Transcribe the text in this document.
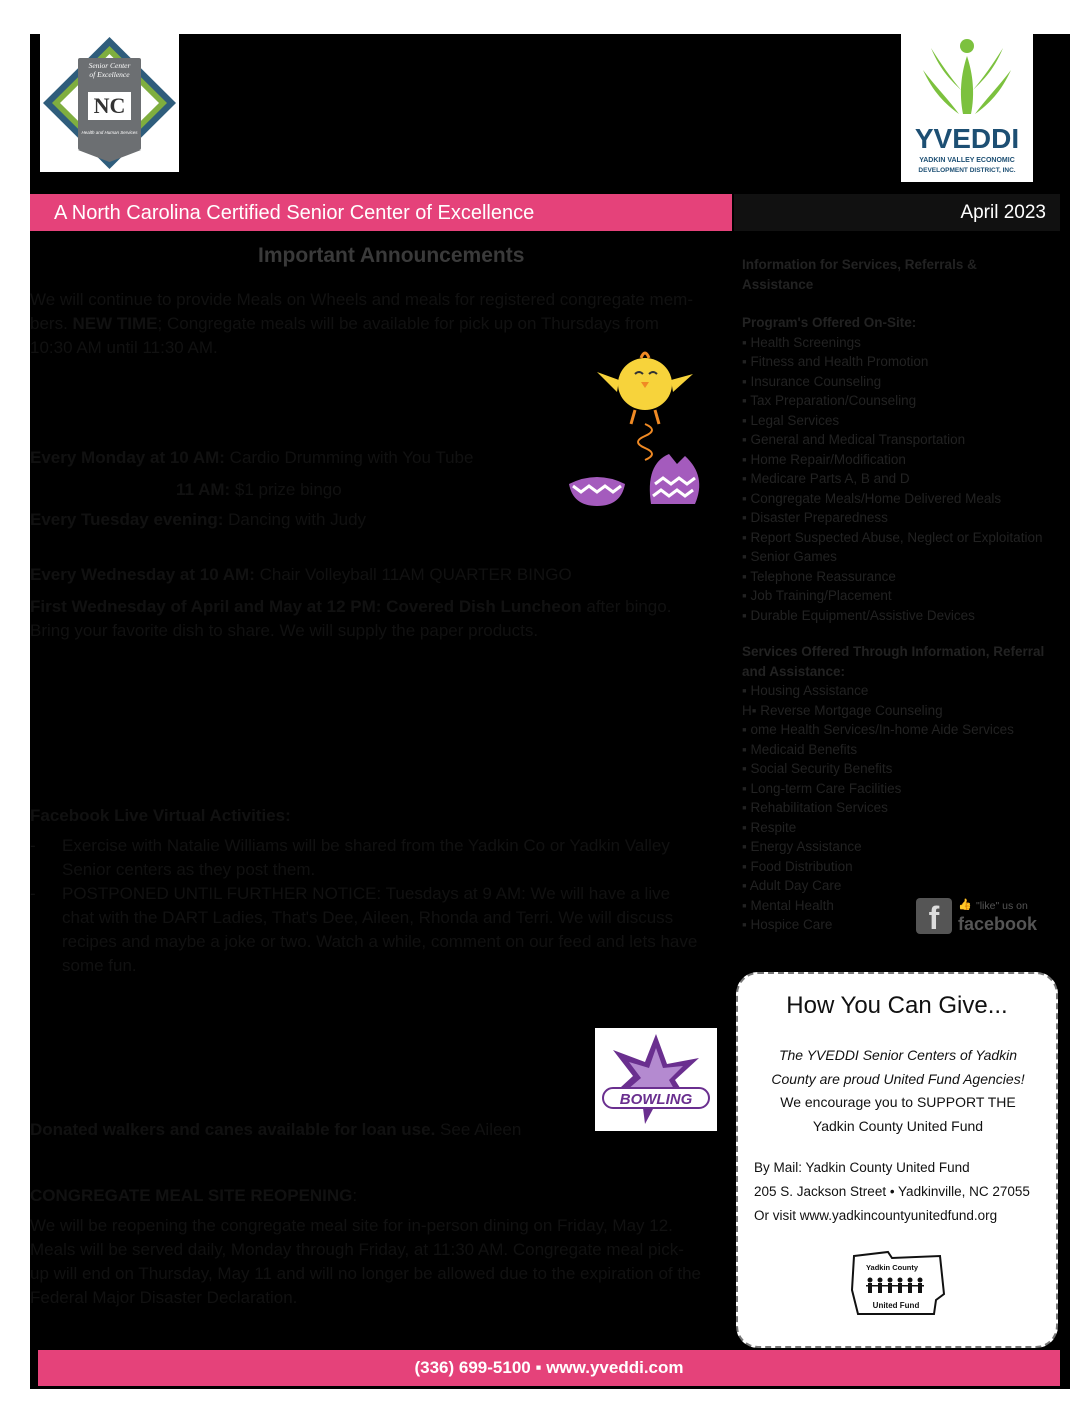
Senior Center
of Excellence
NC
Health and Human Services	YVEDDI
YADKIN VALLEY ECONOMIC
DEVELOPMENT DISTRICT, INC.
A North Carolina Certified Senior Center of Excellence	April 2023
Important Announcements
We will continue to provide Meals on Wheels and meals for registered congregate mem-
bers. NEW TIME; Congregate meals will be available for pick up on Thursdays from
10:30 AM until 11:30 AM.
Every Monday at 10 AM: Cardio Drumming with You Tube
11 AM: $1 prize bingo
Every Tuesday evening: Dancing with Judy
Every Wednesday at 10 AM: Chair Volleyball 11AM QUARTER BINGO
First Wednesday of April and May at 12 PM: Covered Dish Luncheon after bingo.
Bring your favorite dish to share. We will supply the paper products.
Facebook Live Virtual Activities:
- Exercise with Natalie Williams will be shared from the Yadkin Co or Yadkin Valley
Senior centers as they post them.
- POSTPONED UNTIL FURTHER NOTICE: Tuesdays at 9 AM: We will have a live
chat with the DART Ladies, That's Dee, Aileen, Rhonda and Terri. We will discuss
recipes and maybe a joke or two. Watch a while, comment on our feed and lets have
some fun.
BOWLING
Donated walkers and canes available for loan use. See Aileen
CONGREGATE MEAL SITE REOPENING:
We will be reopening the congregate meal site for in-person dining on Friday, May 12.
Meals will be served daily, Monday through Friday, at 11:30 AM. Congregate meal pick-
up will end on Thursday, May 11 and will no longer be allowed due to the expiration of the
Federal Major Disaster Declaration.
Information for Services, Referrals & Assistance
Program's Offered On-Site:
▪ Health Screenings
▪ Fitness and Health Promotion
▪ Insurance Counseling
▪ Tax Preparation/Counseling
▪ Legal Services
▪ General and Medical Transportation
▪ Home Repair/Modification
▪ Medicare Parts A, B and D
▪ Congregate Meals/Home Delivered Meals
▪ Disaster Preparedness
▪ Report Suspected Abuse, Neglect or Exploitation
▪ Senior Games
▪ Telephone Reassurance
▪ Job Training/Placement
▪ Durable Equipment/Assistive Devices
Services Offered Through Information, Referral and Assistance:
▪ Housing Assistance
H▪ Reverse Mortgage Counseling
▪ ome Health Services/In-home Aide Services
▪ Medicaid Benefits
▪ Social Security Benefits
▪ Long-term Care Facilities
▪ Rehabilitation Services
▪ Respite
▪ Energy Assistance
▪ Food Distribution
▪ Adult Day Care
▪ Mental Health
▪ Hospice Care	f	👍 "like" us on
facebook
How You Can Give...
The YVEDDI Senior Centers of Yadkin
County are proud United Fund Agencies!
We encourage you to SUPPORT THE
Yadkin County United Fund
By Mail: Yadkin County United Fund
205 S. Jackson Street • Yadkinville, NC 27055
Or visit www.yadkincountyunitedfund.org
Yadkin County
United Fund
(336) 699-5100 ▪ www.yveddi.com
